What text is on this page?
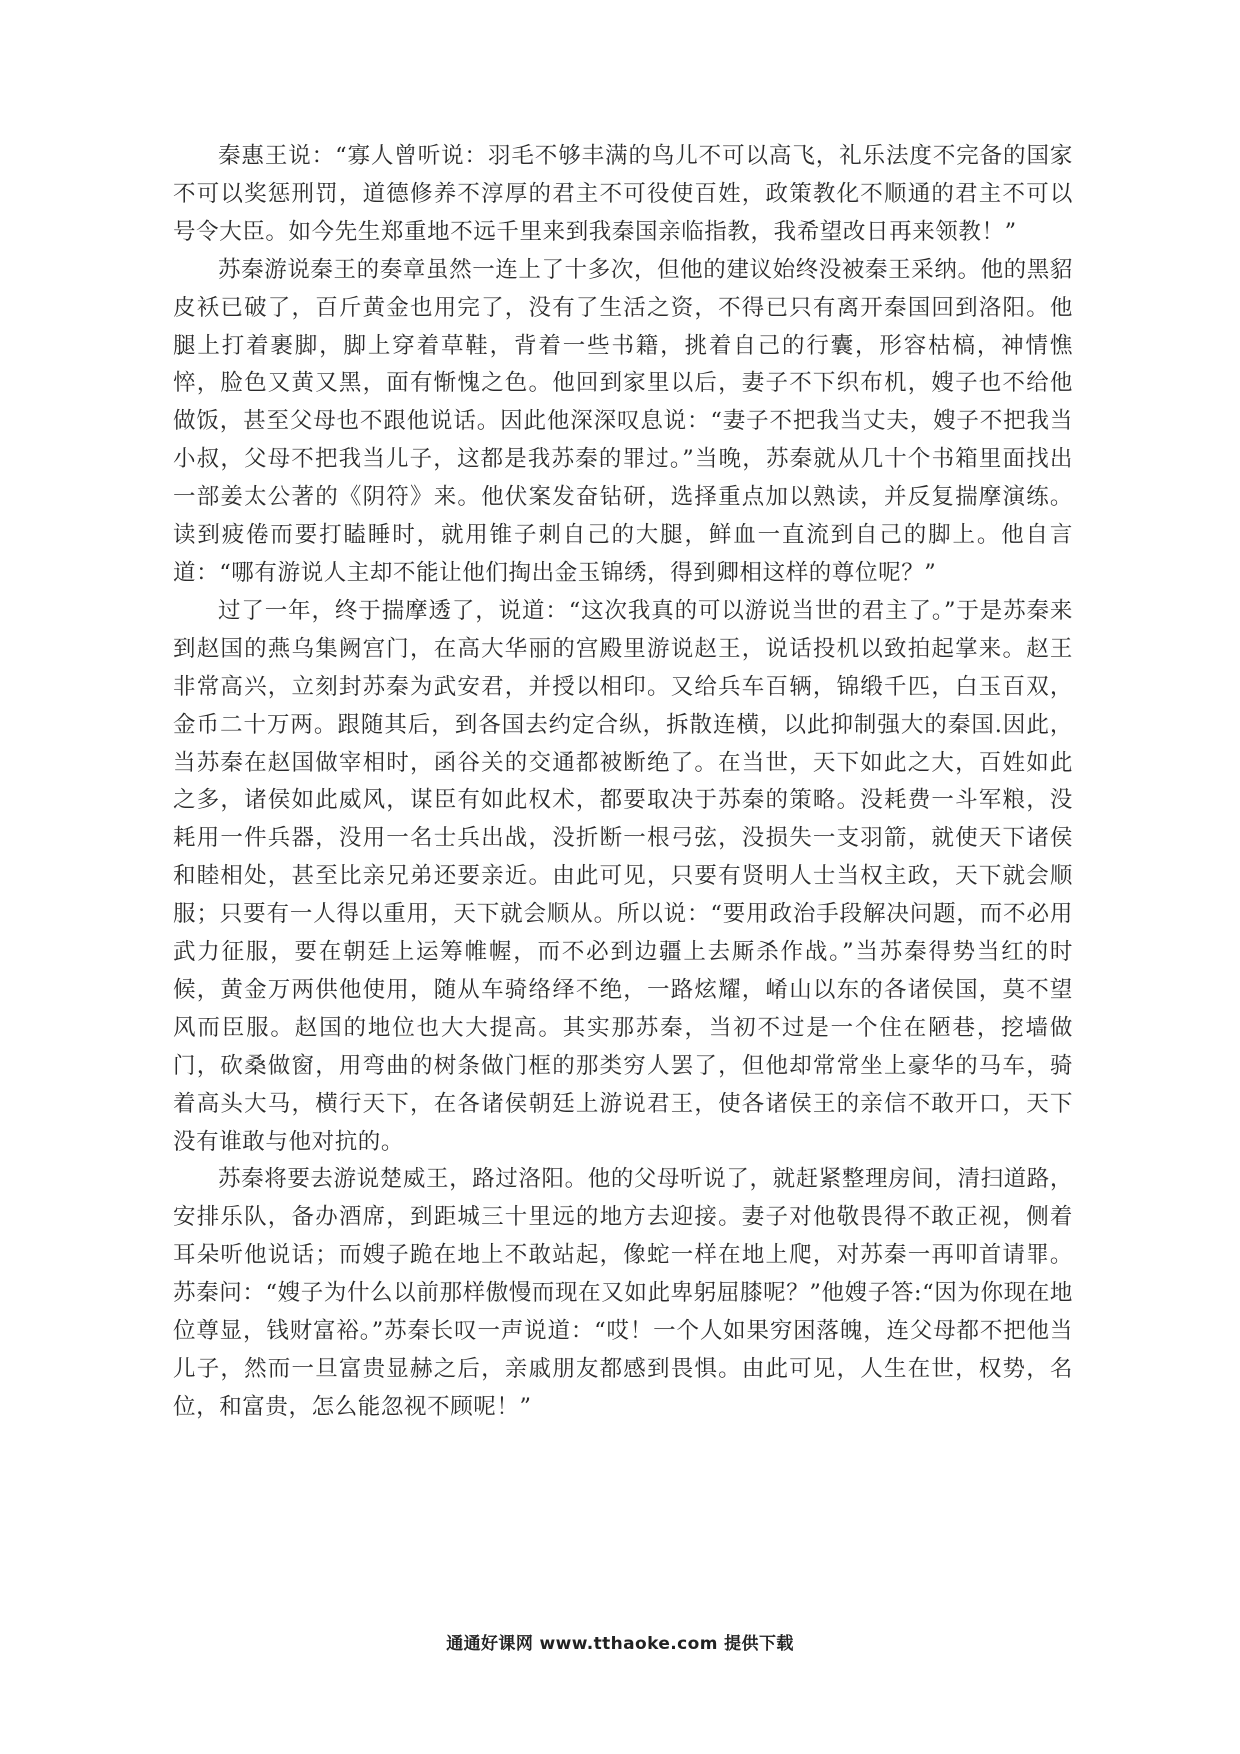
秦惠王说：“寡人曾听说：羽毛不够丰满的鸟儿不可以高飞，礼乐法度不完备的国家不可以奖惩刑罚，道德修养不淳厚的君主不可役使百姓，政策教化不顺通的君主不可以号令大臣。如今先生郑重地不远千里来到我秦国亲临指教，我希望改日再来领教！”

苏秦游说秦王的奏章虽然一连上了十多次，但他的建议始终没被秦王采纳。他的黑貂皮袄已破了，百斤黄金也用完了，没有了生活之资，不得已只有离开秦国回到洛阳。他腿上打着裹脚，脚上穿着草鞋，背着一些书籍，挑着自己的行囊，形容枯槁，神情憔悴，脸色又黄又黑，面有惭愧之色。他回到家里以后，妻子不下织布机，嫂子也不给他做饭，甚至父母也不跟他说话。因此他深深叹息说：“妻子不把我当丈夫，嫂子不把我当小叔，父母不把我当儿子，这都是我苏秦的罪过。”当晚，苏秦就从几十个书箱里面找出一部姜太公著的《阴符》来。他伏案发奋钻研，选择重点加以熟读，并反复揣摩演练。读到疲倦而要打瞌睡时，就用锥子刺自己的大腿，鲜血一直流到自己的脚上。他自言道：“哪有游说人主却不能让他们掏出金玉锦绣，得到卿相这样的尊位呢？”

过了一年，终于揣摩透了，说道：“这次我真的可以游说当世的君主了。”于是苏秦来到赵国的燕乌集阙宫门，在高大华丽的宫殿里游说赵王，说话投机以致拍起掌来。赵王非常高兴，立刻封苏秦为武安君，并授以相印。又给兵车百辆，锦缎千匹，白玉百双，金币二十万两。跟随其后，到各国去约定合纵，拆散连横，以此抑制强大的秦国.因此，当苏秦在赵国做宰相时，函谷关的交通都被断绝了。在当世，天下如此之大，百姓如此之多，诸侯如此威风，谋臣有如此权术，都要取决于苏秦的策略。没耗费一斗军粮，没耗用一件兵器，没用一名士兵出战，没折断一根弓弦，没损失一支羽箭，就使天下诸侯和睦相处，甚至比亲兄弟还要亲近。由此可见，只要有贤明人士当权主政，天下就会顺服；只要有一人得以重用，天下就会顺从。所以说：“要用政治手段解决问题，而不必用武力征服，要在朝廷上运筹帷幄，而不必到边疆上去厮杀作战。”当苏秦得势当红的时候，黄金万两供他使用，随从车骑络绎不绝，一路炫耀，崤山以东的各诸侯国，莫不望风而臣服。赵国的地位也大大提高。其实那苏秦，当初不过是一个住在陋巷，挖墙做门，砍桑做窗，用弯曲的树条做门框的那类穷人罢了，但他却常常坐上豪华的马车，骑着高头大马，横行天下，在各诸侯朝廷上游说君王，使各诸侯王的亲信不敢开口，天下没有谁敢与他对抗的。

苏秦将要去游说楚威王，路过洛阳。他的父母听说了，就赶紧整理房间，清扫道路，安排乐队，备办酒席，到距城三十里远的地方去迎接。妻子对他敬畏得不敢正视，侧着耳朵听他说话；而嫂子跪在地上不敢站起，像蛇一样在地上爬，对苏秦一再叩首请罪。苏秦问：“嫂子为什么以前那样傲慢而现在又如此卑躬屈膝呢？”他嫂子答:“因为你现在地位尊显，钱财富裕。”苏秦长叹一声说道：“哎！一个人如果穷困落魄，连父母都不把他当儿子，然而一旦富贵显赫之后，亲戚朋友都感到畏惧。由此可见，人生在世，权势，名位，和富贵，怎么能忽视不顾呢！”

通通好课网 www.tthaoke.com 提供下载
